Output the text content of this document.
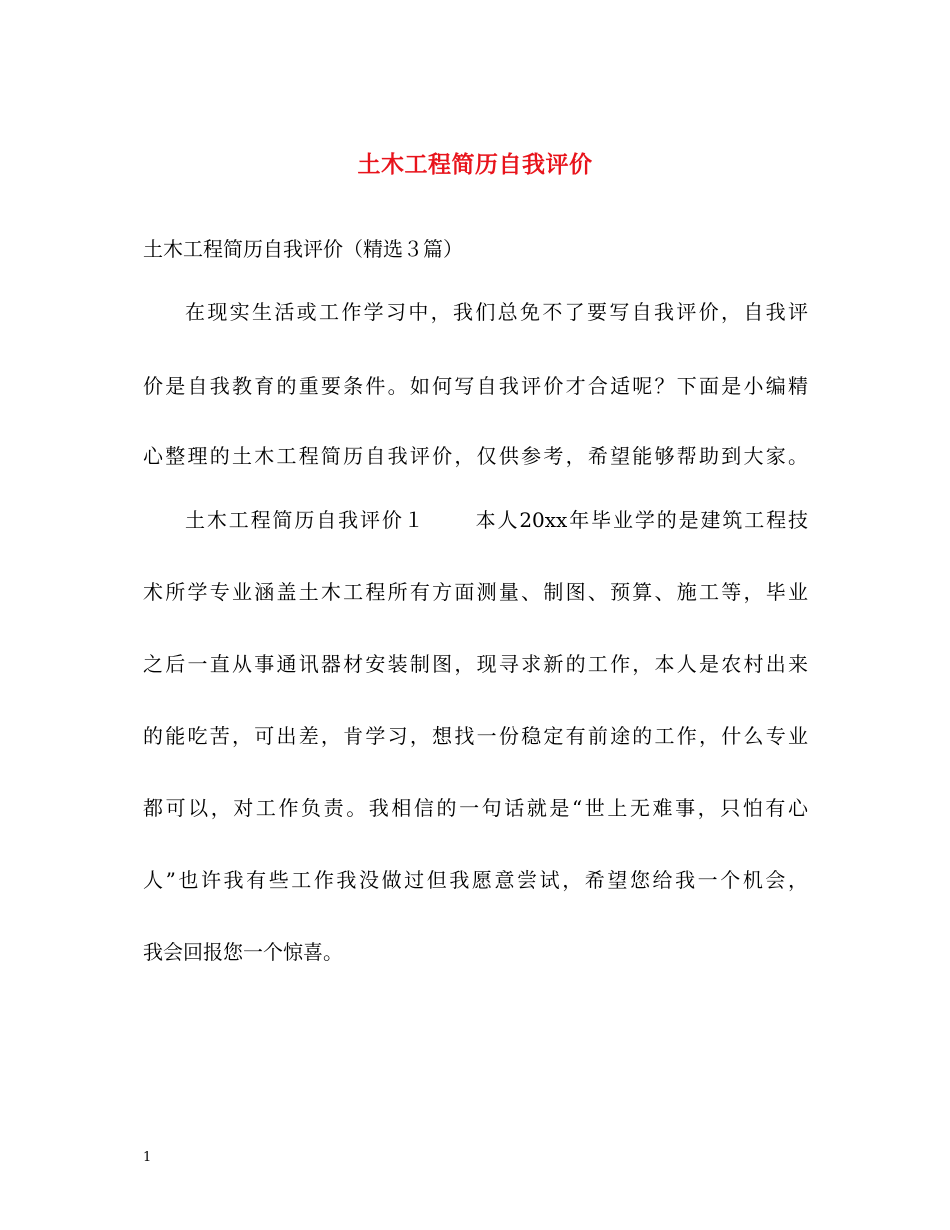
土木工程简历自我评价
土木工程简历自我评价（精选３篇）
在现实生活或工作学习中，我们总免不了要写自我评价，自我评
价是自我教育的重要条件。如何写自我评价才合适呢？下面是小编精
心整理的土木工程简历自我评价，仅供参考，希望能够帮助到大家。
土木工程简历自我评价１ 本人20xx年毕业学的是建筑工程技
术所学专业涵盖土木工程所有方面测量、制图、预算、施工等，毕业
之后一直从事通讯器材安装制图，现寻求新的工作，本人是农村出来
的能吃苦，可出差，肯学习，想找一份稳定有前途的工作，什么专业
都可以，对工作负责。我相信的一句话就是“世上无难事，只怕有心
人”也许我有些工作我没做过但我愿意尝试，希望您给我一个机会，
我会回报您一个惊喜。
1
